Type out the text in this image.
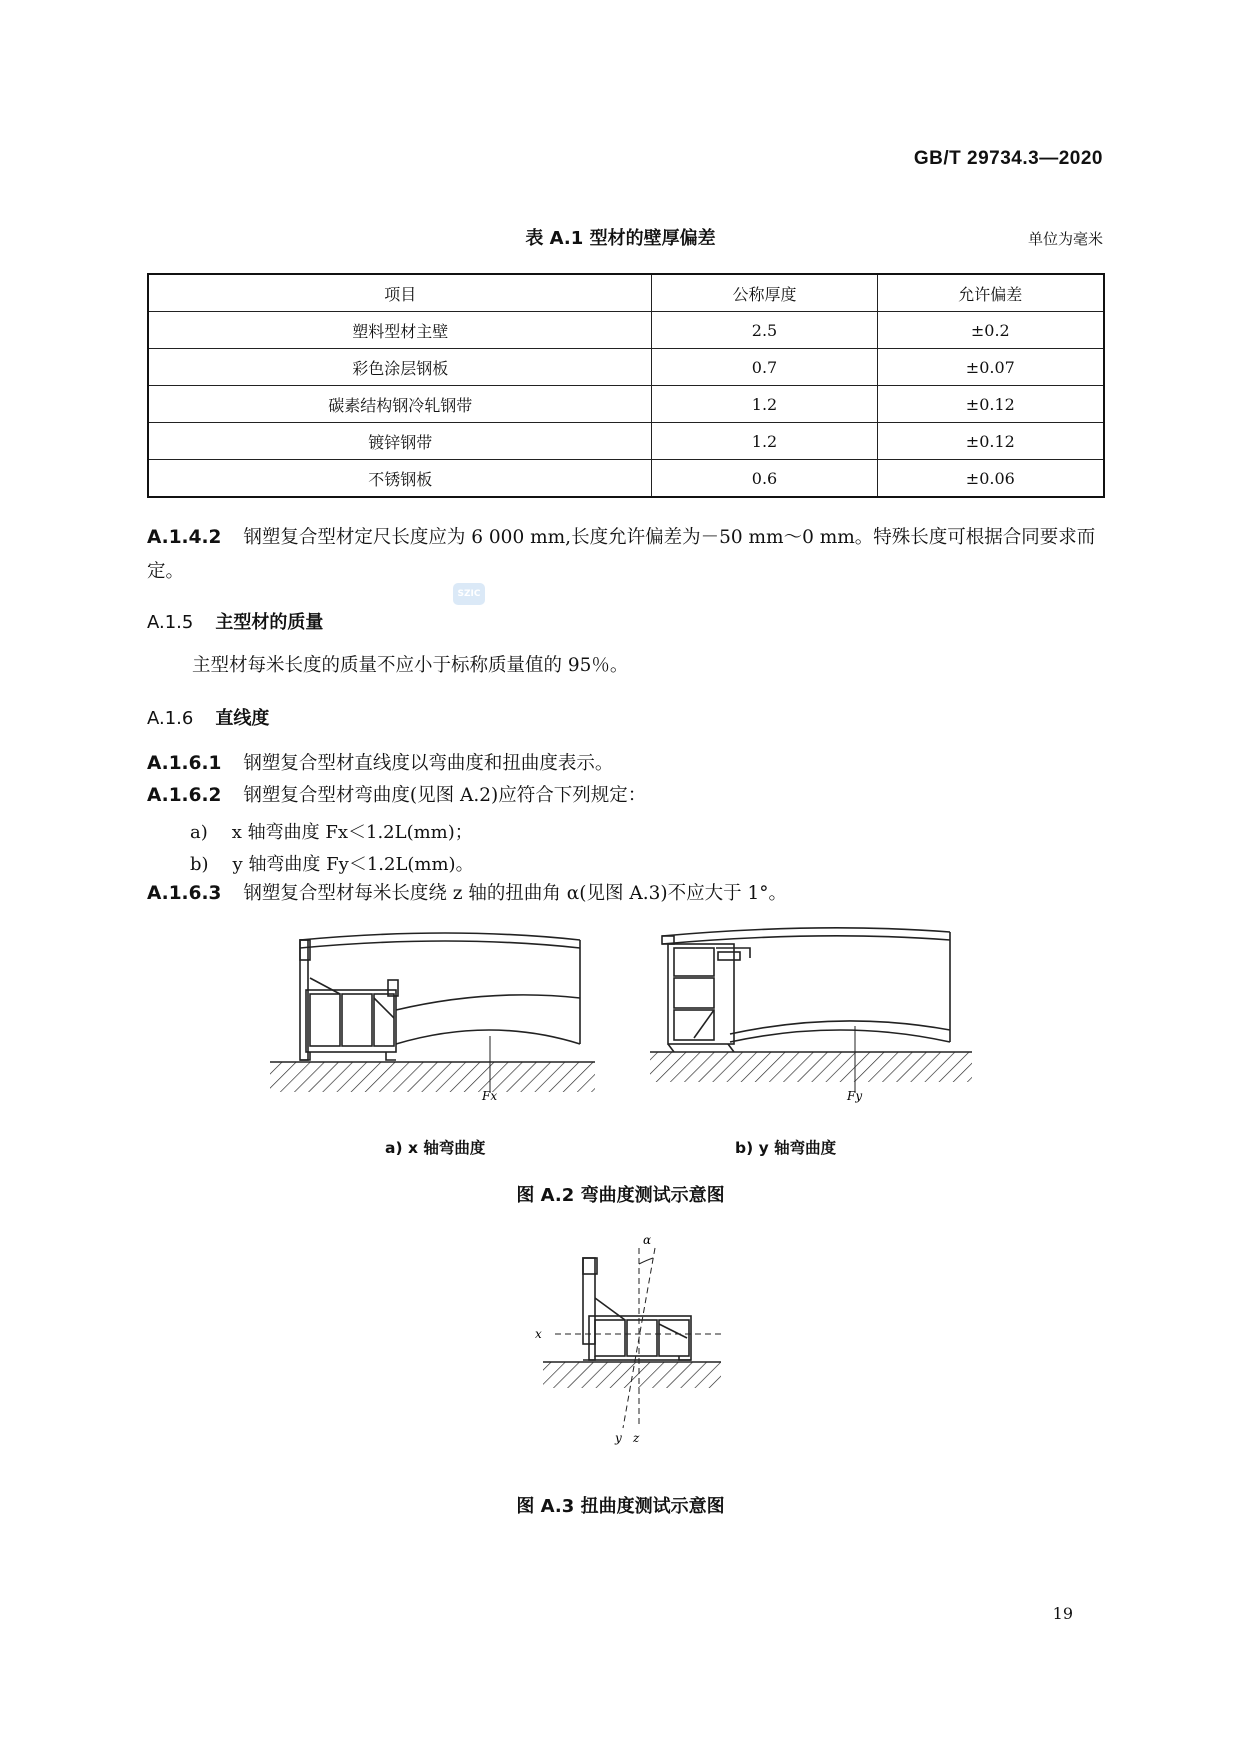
GB/T 29734.3—2020
表 A.1 型材的壁厚偏差	单位为毫米
项目	公称厚度	允许偏差
塑料型材主壁	2.5	±0.2
彩色涂层钢板	0.7	±0.07
碳素结构钢冷轧钢带	1.2	±0.12
镀锌钢带	1.2	±0.12
不锈钢板	0.6	±0.06
A.1.4.2 钢塑复合型材定尺长度应为 6 000 mm,长度允许偏差为－50 mm～0 mm。特殊长度可根据合同要求而定。
SZIC
A.1.5 主型材的质量
主型材每米长度的质量不应小于标称质量值的 95％。
A.1.6 直线度
A.1.6.1 钢塑复合型材直线度以弯曲度和扭曲度表示。
A.1.6.2 钢塑复合型材弯曲度(见图 A.2)应符合下列规定：
a) x 轴弯曲度 Fx＜1.2L(mm)；
b) y 轴弯曲度 Fy＜1.2L(mm)。
A.1.6.3 钢塑复合型材每米长度绕 z 轴的扭曲角 α(见图 A.3)不应大于 1°。
Fx	Fy
a) x 轴弯曲度	b) y 轴弯曲度
图 A.2 弯曲度测试示意图
α
x
y z
图 A.3 扭曲度测试示意图
19
